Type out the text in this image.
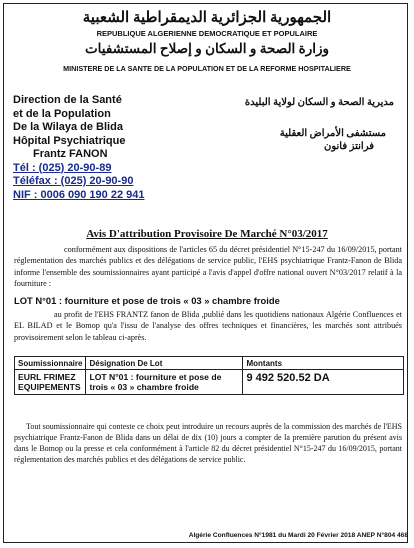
الجمهورية الجزائرية الديمقراطية الشعبية
REPUBLIQUE ALGERIENNE DEMOCRATIQUE ET POPULAIRE
وزارة الصحة و السكان و إصلاح المستشفيات
MINISTERE DE LA SANTE DE LA POPULATION ET DE LA REFORME HOSPITALIERE
Direction de la Santé
et de la Population
De la Wilaya de Blida
Hôpital Psychiatrique
Frantz FANON
Tél : (025) 20-90-89
Téléfax : (025) 20-90-90
NIF : 0006 090 190 22 941
مديرية الصحة و السكان لولاية البليدة
مستشفى الأمراض العقلية
فرانتز فانون
Avis D'attribution Provisoire De Marché N°03/2017
conformément aux dispositions de l'articles 65 du décret présidentiel N°15-247 du 16/09/2015, portant réglementation des marchés publics et des délégations de service public, l'EHS psychiatrique Frantz-Fanon de Blida informe l'ensemble des soumissionnaires ayant participé a l'avis d'appel d'offre national ouvert N°03/2017 relatif à la fourniture :
LOT N°01 : fourniture et pose de trois « 03 » chambre froide
au profit de l'EHS FRANTZ fanon de Blida ,publié dans les quotidiens nationaux Algérie Confluences et EL BILAD et le Bomop qu'a l'issu de l'analyse des offres techniques et financières, les marchés sont attribués provisoirement selon le tableau ci-après.
Soumissionnaire	Désignation De Lot	Montants
EURL FRIMEZ EQUIPEMENTS	LOT N°01 : fourniture et pose de trois « 03 » chambre froide	9 492 520.52 DA
Tout soumissionnaire qui conteste ce choix peut introduire un recours auprès de la commission des marchés de l'EHS psychiatrique Frantz-Fanon de Blida dans un délai de dix (10) jours a compter de la première parution du présent avis dans le Bomop ou la presse et cela conformément à l'article 82 du décret présidentiel N°15-247 du 16/09/2015, portant réglementation des marchés publics et des délégations de service public.
Algérie Confluences N°1981 du Mardi 20 Février 2018 ANEP N°804 468
